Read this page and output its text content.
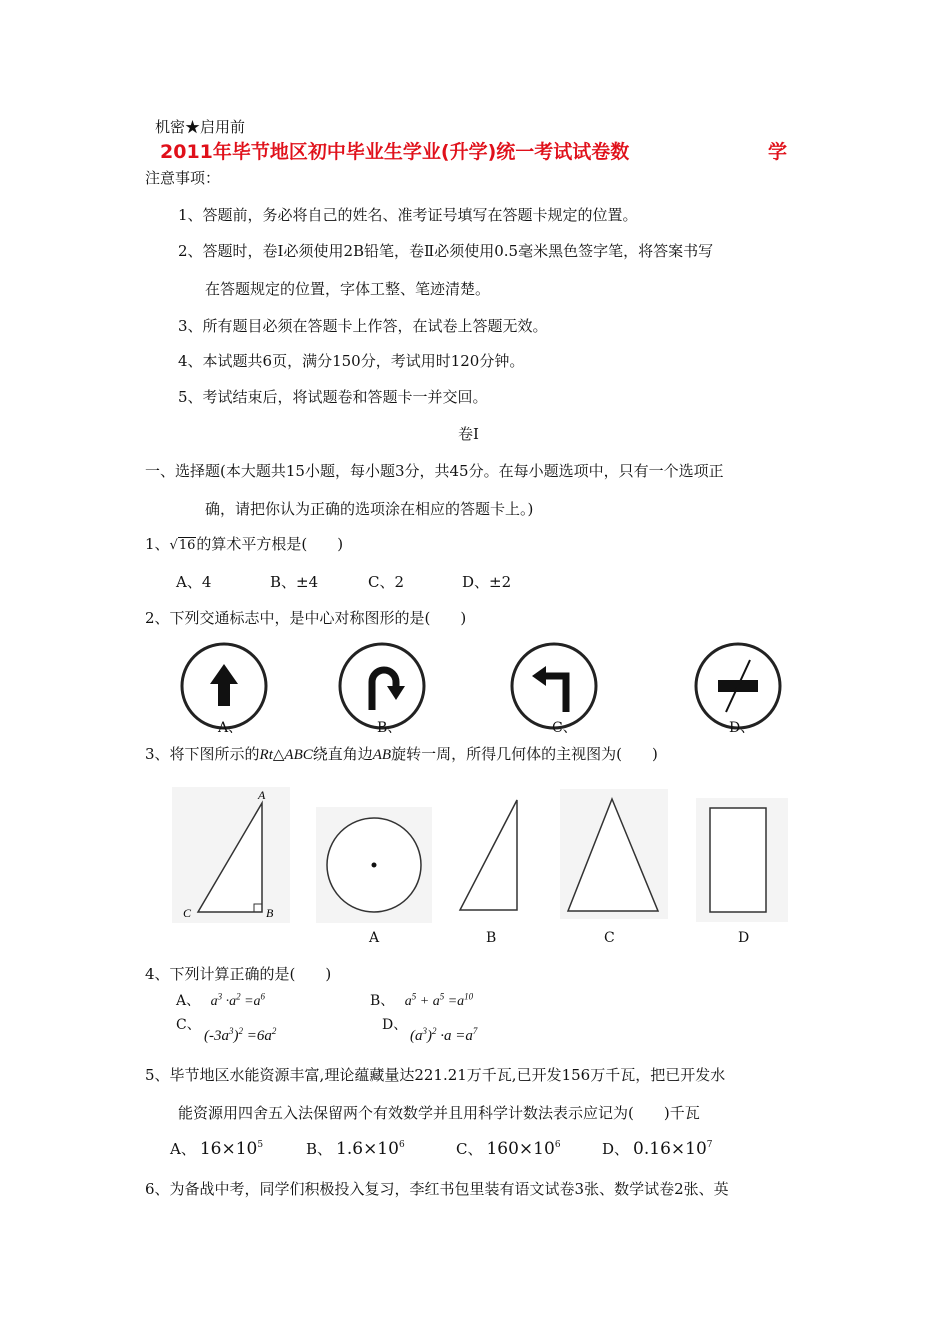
机密★启用前
2011年毕节地区初中毕业生学业(升学)统一考试试卷数	学
注意事项：
1、答题前，务必将自己的姓名、准考证号填写在答题卡规定的位置。
2、答题时，卷Ⅰ必须使用2B铅笔，卷Ⅱ必须使用0.5毫米黑色签字笔，将答案书写
在答题规定的位置，字体工整、笔迹清楚。
3、所有题目必须在答题卡上作答，在试卷上答题无效。
4、本试题共6页，满分150分，考试用时120分钟。
5、考试结束后，将试题卷和答题卡一并交回。
卷Ⅰ
一、选择题(本大题共15小题，每小题3分，共45分。在每小题选项中，只有一个选项正
确，请把你认为正确的选项涂在相应的答题卡上。)
1、√16的算术平方根是(　　)
A、4	B、±4	C、2	D、±2
2、下列交通标志中，是中心对称图形的是(　　)
A、	B、	C、	D、
3、将下图所示的Rt△ABC绕直角边AB旋转一周，所得几何体的主视图为(　　)
A
B
C
A	B	C	D
4、下列计算正确的是(　　)
A、 $a^3 \cdot a^2 =a^6$	B、 $a^5 + a^5 =a^{10}$
C、
$(-3a^3)^2 =6a^2$	D、
$(a^3)^2 \cdot a =a^7$
5、毕节地区水能资源丰富,理论蕴藏量达221.21万千瓦,已开发156万千瓦，把已开发水
能资源用四舍五入法保留两个有效数学并且用科学计数法表示应记为(　　)千瓦
A、 $16\times 10^5$	B、 $1.6\times 10^6$	C、 $160\times 10^6$	D、 $0.16\times 10^7$
6、为备战中考，同学们积极投入复习，李红书包里装有语文试卷3张、数学试卷2张、英
